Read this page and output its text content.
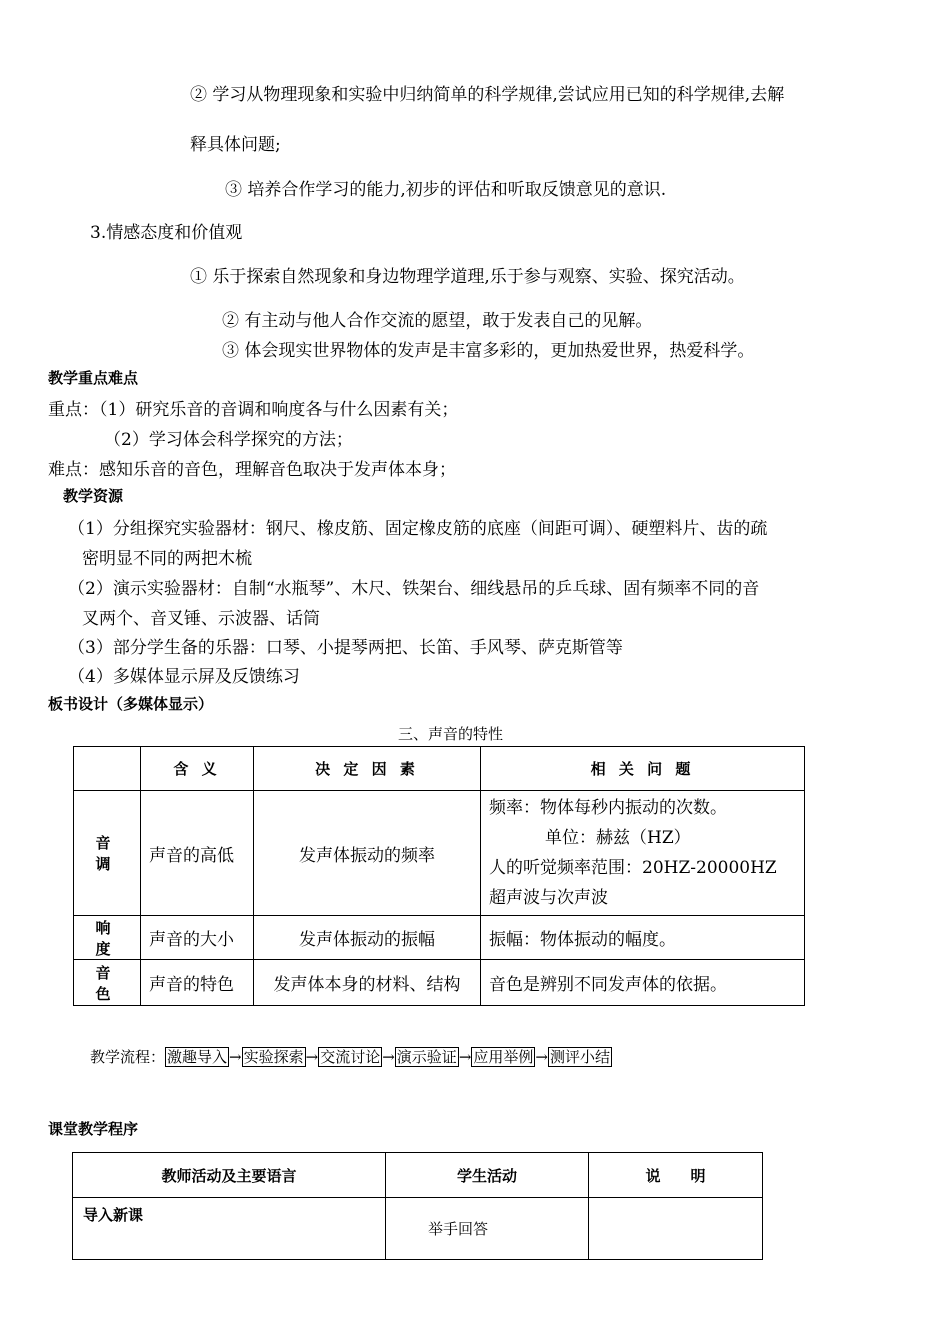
② 学习从物理现象和实验中归纳简单的科学规律,尝试应用已知的科学规律,去解
释具体问题;
③ 培养合作学习的能力,初步的评估和听取反馈意见的意识.
3.情感态度和价值观
① 乐于探索自然现象和身边物理学道理,乐于参与观察、实验、探究活动。
② 有主动与他人合作交流的愿望，敢于发表自己的见解。
③ 体会现实世界物体的发声是丰富多彩的，更加热爱世界，热爱科学。
教学重点难点
重点：（1）研究乐音的音调和响度各与什么因素有关；
（2）学习体会科学探究的方法；
难点：感知乐音的音色，理解音色取决于发声体本身；
教学资源
（1）分组探究实验器材：钢尺、橡皮筋、固定橡皮筋的底座（间距可调）、硬塑料片、齿的疏
密明显不同的两把木梳
（2）演示实验器材：自制“水瓶琴”、木尺、铁架台、细线悬吊的乒乓球、固有频率不同的音
叉两个、音叉锤、示波器、话筒
（3）部分学生备的乐器：口琴、小提琴两把、长笛、手风琴、萨克斯管等
（4）多媒体显示屏及反馈练习
板书设计（多媒体显示）
三、声音的特性
	含 义	决 定 因 素	相 关 问 题
音 调	声音的高低	发声体振动的频率	频率：物体每秒内振动的次数。
单位：赫兹（HZ）
人的听觉频率范围：20HZ-20000HZ
超声波与次声波

响 度	声音的大小	发声体振动的振幅	振幅：物体振动的幅度。

音 色	声音的特色	发声体本身的材料、结构	音色是辨别不同发声体的依据。
教学流程： 激趣导入 → 实验探索 → 交流讨论 → 演示验证 → 应用举例 → 测评小结
课堂教学程序
教师活动及主要语言	学生活动	说　　明
导入新课	举手回答	
